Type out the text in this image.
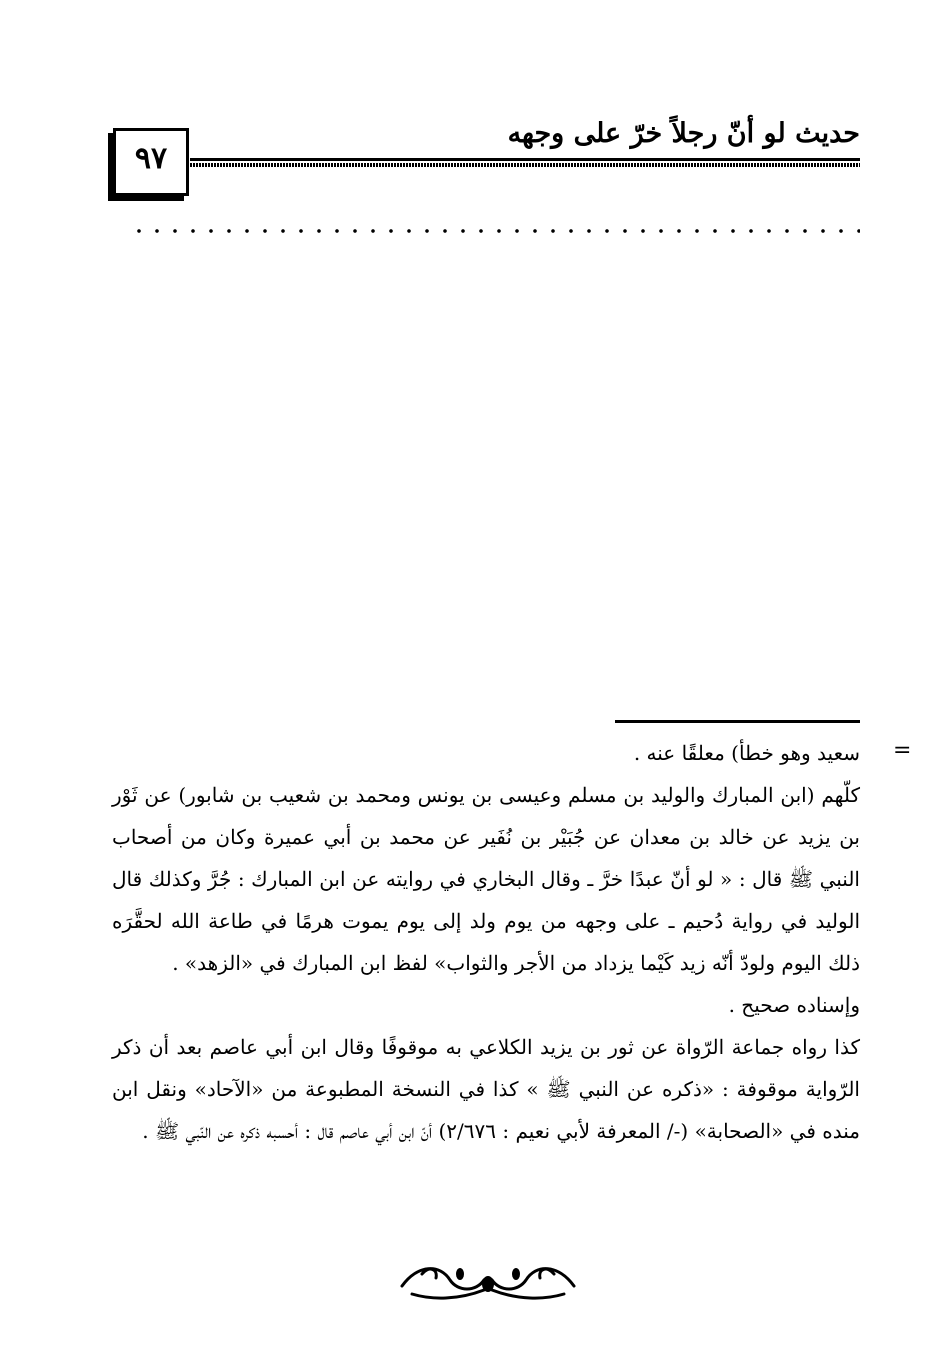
حديث لو أنّ رجلاً خرّ على وجهه
٩٧
=

سعيد وهو خطأ) معلقًا عنه .

كلّهم (ابن المبارك والوليد بن مسلم وعيسى بن يونس ومحمد بن شعيب بن شابور) عن ثَوْر بن يزيد عن خالد بن معدان عن جُبَيْر بن نُفَير عن محمد بن أبي عميرة وكان من أصحاب النبي ﷺ قال : « لو أنّ عبدًا خرَّ ـ وقال البخاري في روايته عن ابن المبارك : جُرَّ وكذلك قال الوليد في رواية دُحيم ـ على وجهه من يوم ولد إلى يوم يموت هرمًا في طاعة الله لحقَّرَه ذلك اليوم ولودّ أنّه زيد كَيْما يزداد من الأجر والثواب» لفظ ابن المبارك في «الزهد» .

وإسناده صحيح .

كذا رواه جماعة الرّواة عن ثور بن يزيد الكلاعي به موقوفًا وقال ابن أبي عاصم بعد أن ذكر الرّواية موقوفة : «ذكره عن النبي ﷺ » كذا في النسخة المطبوعة من «الآحاد» ونقل ابن منده في «الصحابة» (-/ المعرفة لأبي نعيم : ٢/٦٧٦) أنّ ابن أبي عاصم قال : أحسبه ذكره عن النّبي ﷺ .
